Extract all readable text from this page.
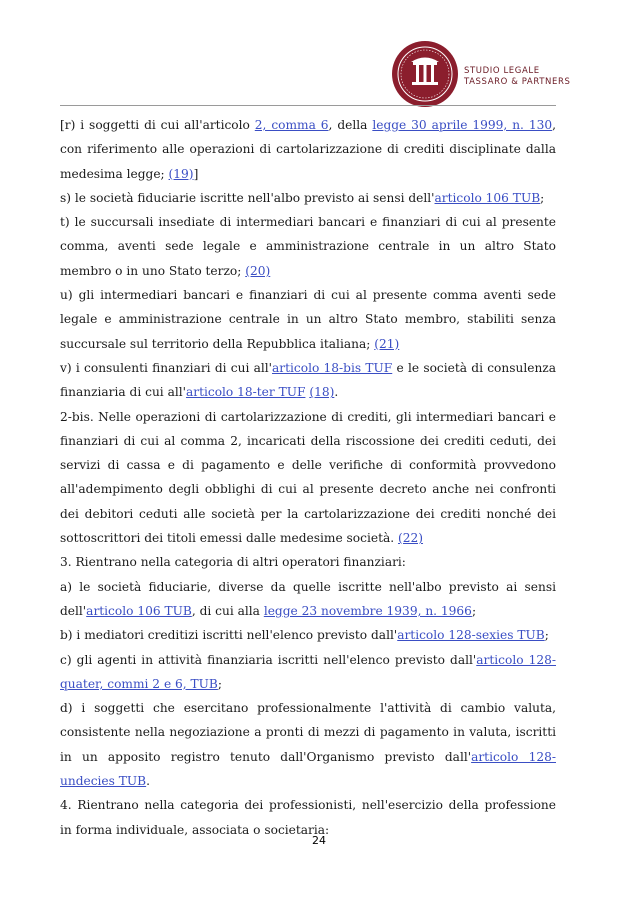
STUDIO LEGALE TASSARO & PARTNERS

[r) i soggetti di cui all'articolo 2, comma 6, della legge 30 aprile 1999, n. 130, con riferimento alle operazioni di cartolarizzazione di crediti disciplinate dalla medesima legge; (19)]

s) le società fiduciarie iscritte nell'albo previsto ai sensi dell'articolo 106 TUB;

t) le succursali insediate di intermediari bancari e finanziari di cui al presente comma, aventi sede legale e amministrazione centrale in un altro Stato membro o in uno Stato terzo; (20)

u) gli intermediari bancari e finanziari di cui al presente comma aventi sede legale e amministrazione centrale in un altro Stato membro, stabiliti senza succursale sul territorio della Repubblica italiana; (21)

v) i consulenti finanziari di cui all'articolo 18-bis TUF e le società di consulenza finanziaria di cui all'articolo 18-ter TUF (18).

2-bis. Nelle operazioni di cartolarizzazione di crediti, gli intermediari bancari e finanziari di cui al comma 2, incaricati della riscossione dei crediti ceduti, dei servizi di cassa e di pagamento e delle verifiche di conformità provvedono all'adempimento degli obblighi di cui al presente decreto anche nei confronti dei debitori ceduti alle società per la cartolarizzazione dei crediti nonché dei sottoscrittori dei titoli emessi dalle medesime società. (22)

3. Rientrano nella categoria di altri operatori finanziari:

a) le società fiduciarie, diverse da quelle iscritte nell'albo previsto ai sensi dell'articolo 106 TUB, di cui alla legge 23 novembre 1939, n. 1966;

b) i mediatori creditizi iscritti nell'elenco previsto dall'articolo 128-sexies TUB;

c) gli agenti in attività finanziaria iscritti nell'elenco previsto dall'articolo 128-quater, commi 2 e 6, TUB;

d) i soggetti che esercitano professionalmente l'attività di cambio valuta, consistente nella negoziazione a pronti di mezzi di pagamento in valuta, iscritti in un apposito registro tenuto dall'Organismo previsto dall'articolo 128-undecies TUB.

4. Rientrano nella categoria dei professionisti, nell'esercizio della professione in forma individuale, associata o societaria:

24
